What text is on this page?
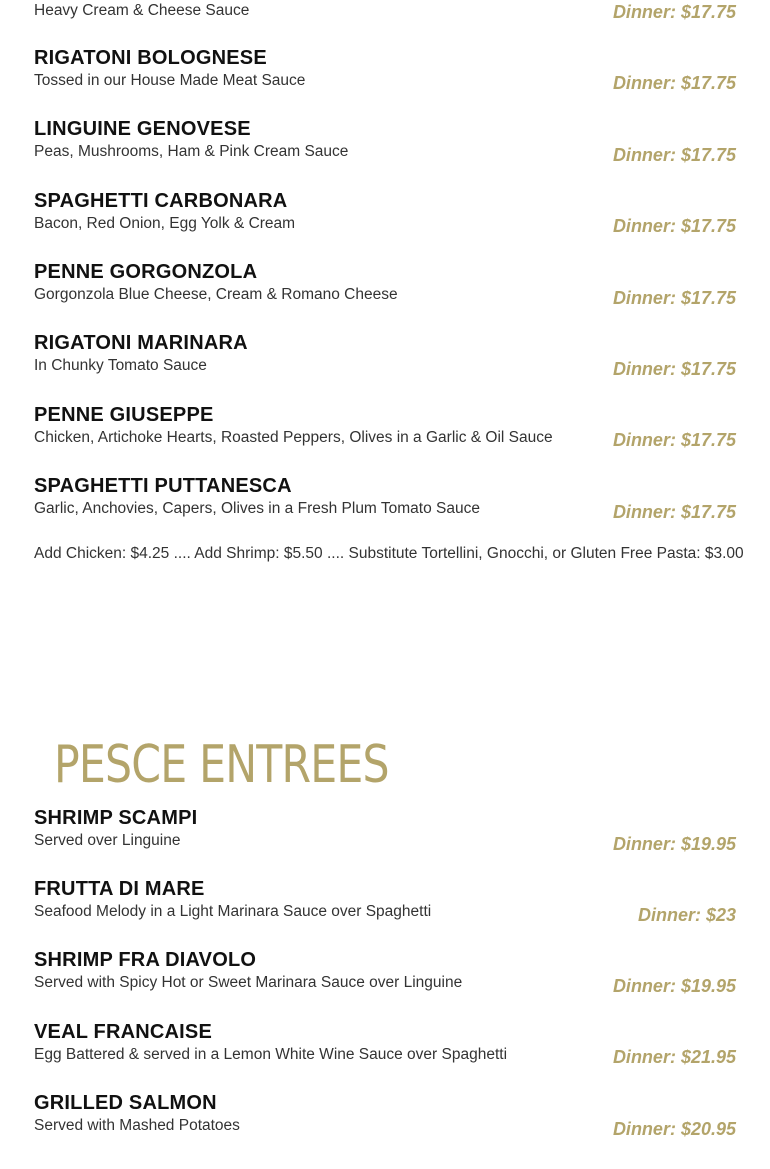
Heavy Cream & Cheese Sauce	Dinner: $17.75
RIGATONI BOLOGNESE
Tossed in our House Made Meat Sauce	Dinner: $17.75
LINGUINE GENOVESE
Peas, Mushrooms, Ham & Pink Cream Sauce	Dinner: $17.75
SPAGHETTI CARBONARA
Bacon, Red Onion, Egg Yolk & Cream	Dinner: $17.75
PENNE GORGONZOLA
Gorgonzola Blue Cheese, Cream & Romano Cheese	Dinner: $17.75
RIGATONI MARINARA
In Chunky Tomato Sauce	Dinner: $17.75
PENNE GIUSEPPE
Chicken, Artichoke Hearts, Roasted Peppers, Olives in a Garlic & Oil Sauce	Dinner: $17.75
SPAGHETTI PUTTANESCA
Garlic, Anchovies, Capers, Olives in a Fresh Plum Tomato Sauce	Dinner: $17.75
Add Chicken: $4.25 .... Add Shrimp: $5.50 .... Substitute Tortellini, Gnocchi, or Gluten Free Pasta: $3.00
PESCE ENTREES
SHRIMP SCAMPI
Served over Linguine	Dinner: $19.95
FRUTTA DI MARE
Seafood Melody in a Light Marinara Sauce over Spaghetti	Dinner: $23
SHRIMP FRA DIAVOLO
Served with Spicy Hot or Sweet Marinara Sauce over Linguine	Dinner: $19.95
VEAL FRANCAISE
Egg Battered & served in a Lemon White Wine Sauce over Spaghetti	Dinner: $21.95
GRILLED SALMON
Served with Mashed Potatoes	Dinner: $20.95
